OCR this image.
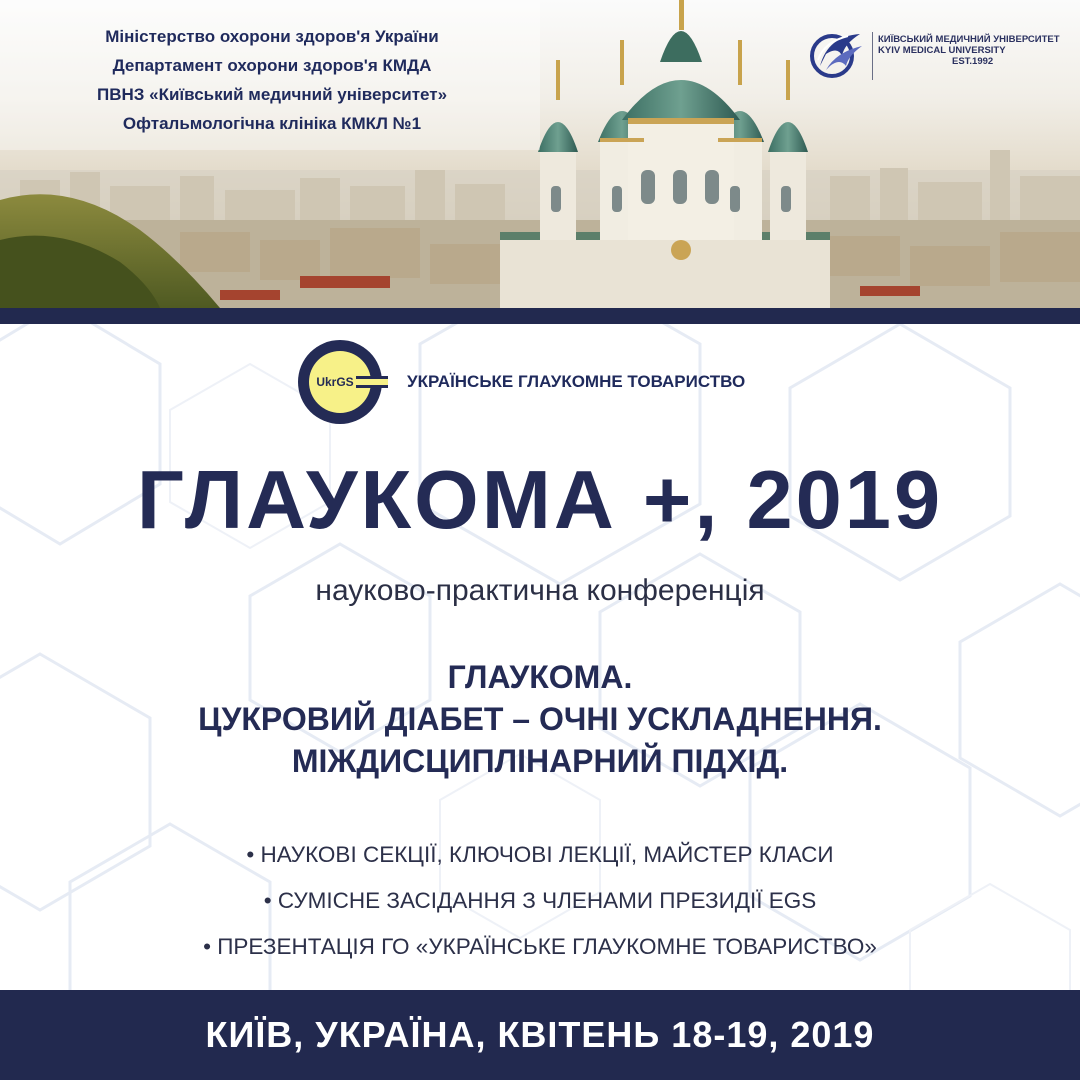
Міністерство охорони здоров'я України
Департамент охорони здоров'я КМДА
ПВНЗ «Київський медичний університет»
Офтальмологічна клініка КМКЛ №1
КИЇВСЬКИЙ МЕДИЧНИЙ УНІВЕРСИТЕТ
KYIV MEDICAL UNIVERSITY
EST.1992
UkrGS	УКРАЇНСЬКЕ ГЛАУКОМНЕ ТОВАРИСТВО
ГЛАУКОМА +, 2019
науково-практична конференція
ГЛАУКОМА.
ЦУКРОВИЙ ДІАБЕТ – ОЧНІ УСКЛАДНЕННЯ.
МІЖДИСЦИПЛІНАРНИЙ ПІДХІД.
• НАУКОВІ СЕКЦІЇ, КЛЮЧОВІ ЛЕКЦІЇ, МАЙСТЕР КЛАСИ
• СУМІСНЕ ЗАСІДАННЯ З ЧЛЕНАМИ ПРЕЗИДІЇ EGS
• ПРЕЗЕНТАЦІЯ ГО «УКРАЇНСЬКЕ ГЛАУКОМНЕ ТОВАРИСТВО»
КИЇВ, УКРАЇНА, КВІТЕНЬ 18-19, 2019
